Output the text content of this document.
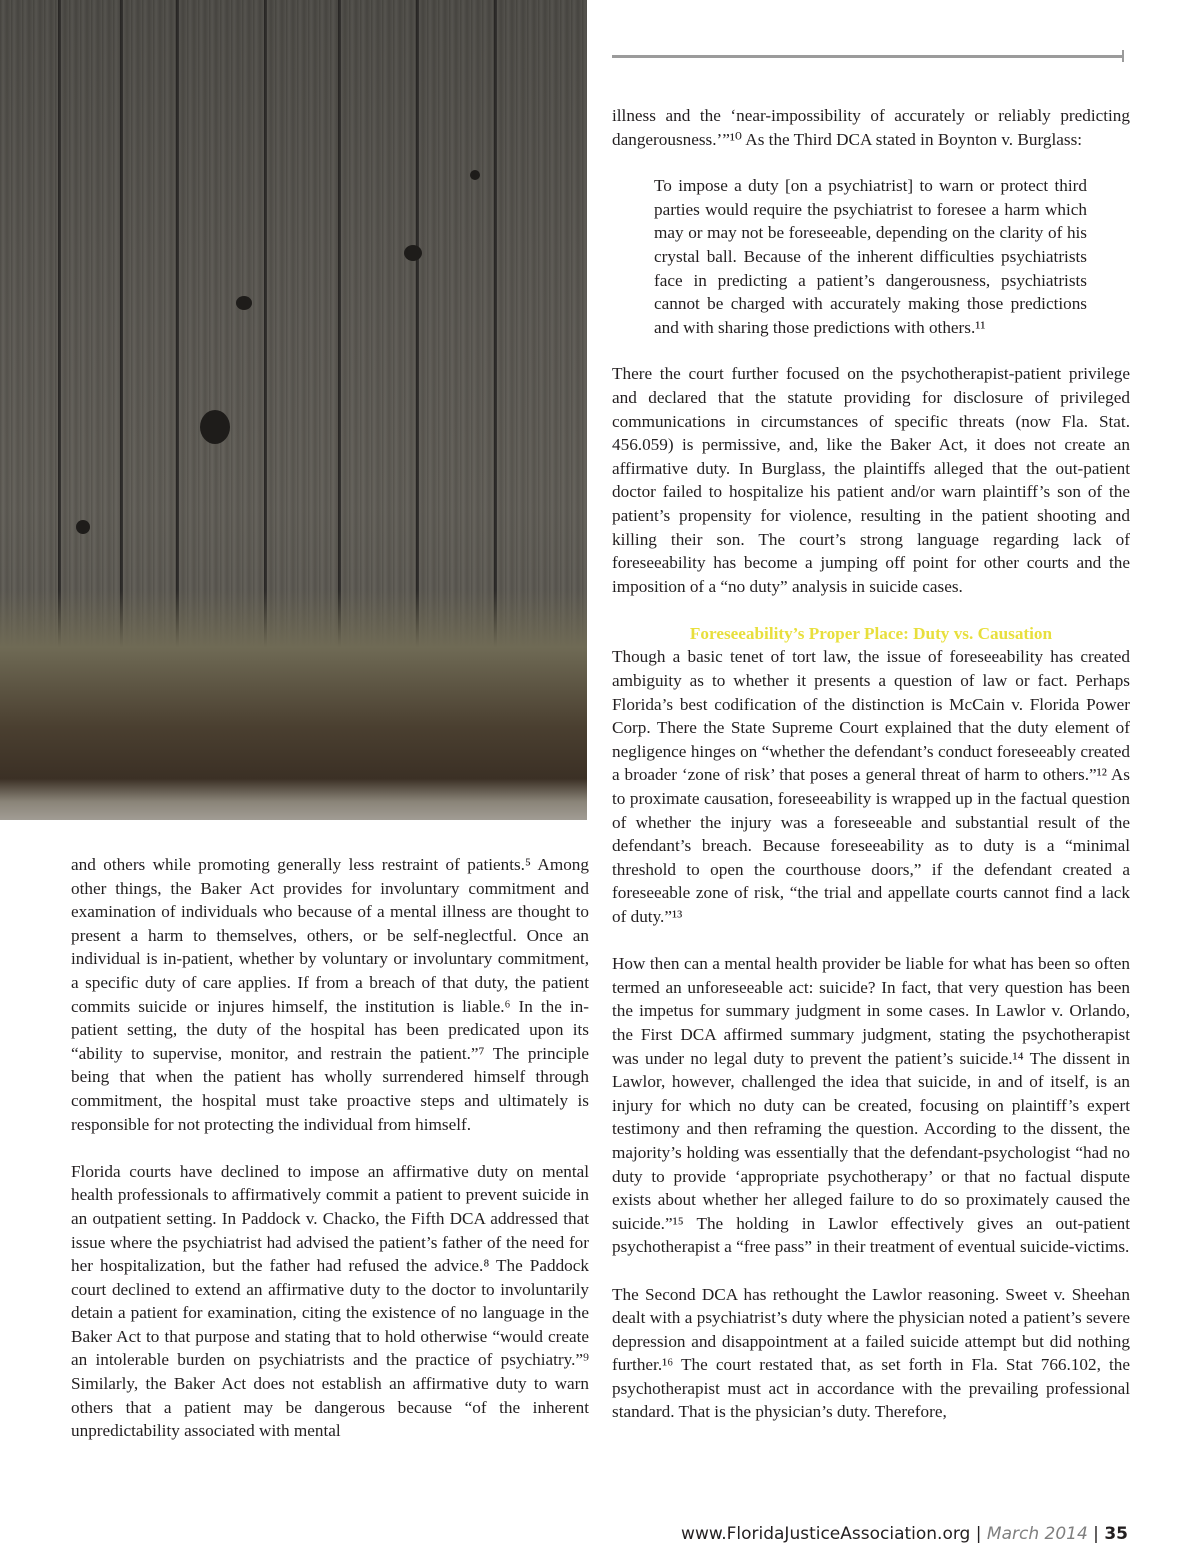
and others while promoting generally less restraint of patients.⁵ Among other things, the Baker Act provides for involuntary commitment and examination of individuals who because of a mental illness are thought to present a harm to themselves, others, or be self-neglectful. Once an individual is in-patient, whether by voluntary or involuntary commitment, a specific duty of care applies. If from a breach of that duty, the patient commits suicide or injures himself, the institution is liable.⁶ In the in-patient setting, the duty of the hospital has been predicated upon its “ability to supervise, monitor, and restrain the patient.”⁷ The principle being that when the patient has wholly surrendered himself through commitment, the hospital must take proactive steps and ultimately is responsible for not protecting the individual from himself.

Florida courts have declined to impose an affirmative duty on mental health professionals to affirmatively commit a patient to prevent suicide in an outpatient setting. In Paddock v. Chacko, the Fifth DCA addressed that issue where the psychiatrist had advised the patient’s father of the need for her hospitalization, but the father had refused the advice.⁸ The Paddock court declined to extend an affirmative duty to the doctor to involuntarily detain a patient for examination, citing the existence of no language in the Baker Act to that purpose and stating that to hold otherwise “would create an intolerable burden on psychiatrists and the practice of psychiatry.”⁹ Similarly, the Baker Act does not establish an affirmative duty to warn others that a patient may be dangerous because “of the inherent unpredictability associated with mental

illness and the ‘near-impossibility of accurately or reliably predicting dangerousness.’”¹⁰ As the Third DCA stated in Boynton v. Burglass:

To impose a duty [on a psychiatrist] to warn or protect third parties would require the psychiatrist to foresee a harm which may or may not be foreseeable, depending on the clarity of his crystal ball. Because of the inherent difficulties psychiatrists face in predicting a patient’s dangerousness, psychiatrists cannot be charged with accurately making those predictions and with sharing those predictions with others.¹¹

There the court further focused on the psychotherapist-patient privilege and declared that the statute providing for disclosure of privileged communications in circumstances of specific threats (now Fla. Stat. 456.059) is permissive, and, like the Baker Act, it does not create an affirmative duty. In Burglass, the plaintiffs alleged that the out-patient doctor failed to hospitalize his patient and/or warn plaintiff’s son of the patient’s propensity for violence, resulting in the patient shooting and killing their son. The court’s strong language regarding lack of foreseeability has become a jumping off point for other courts and the imposition of a “no duty” analysis in suicide cases.

Foreseeability’s Proper Place: Duty vs. Causation

Though a basic tenet of tort law, the issue of foreseeability has created ambiguity as to whether it presents a question of law or fact. Perhaps Florida’s best codification of the distinction is McCain v. Florida Power Corp. There the State Supreme Court explained that the duty element of negligence hinges on “whether the defendant’s conduct foreseeably created a broader ‘zone of risk’ that poses a general threat of harm to others.”¹² As to proximate causation, foreseeability is wrapped up in the factual question of whether the injury was a foreseeable and substantial result of the defendant’s breach. Because foreseeability as to duty is a “minimal threshold to open the courthouse doors,” if the defendant created a foreseeable zone of risk, “the trial and appellate courts cannot find a lack of duty.”¹³

How then can a mental health provider be liable for what has been so often termed an unforeseeable act: suicide? In fact, that very question has been the impetus for summary judgment in some cases. In Lawlor v. Orlando, the First DCA affirmed summary judgment, stating the psychotherapist was under no legal duty to prevent the patient’s suicide.¹⁴ The dissent in Lawlor, however, challenged the idea that suicide, in and of itself, is an injury for which no duty can be created, focusing on plaintiff’s expert testimony and then reframing the question. According to the dissent, the majority’s holding was essentially that the defendant-psychologist “had no duty to provide ‘appropriate psychotherapy’ or that no factual dispute exists about whether her alleged failure to do so proximately caused the suicide.”¹⁵ The holding in Lawlor effectively gives an out-patient psychotherapist a “free pass” in their treatment of eventual suicide-victims.

The Second DCA has rethought the Lawlor reasoning. Sweet v. Sheehan dealt with a psychiatrist’s duty where the physician noted a patient’s severe depression and disappointment at a failed suicide attempt but did nothing further.¹⁶ The court restated that, as set forth in Fla. Stat 766.102, the psychotherapist must act in accordance with the prevailing professional standard. That is the physician’s duty. Therefore,

www.FloridaJusticeAssociation.org | March 2014 | 35
